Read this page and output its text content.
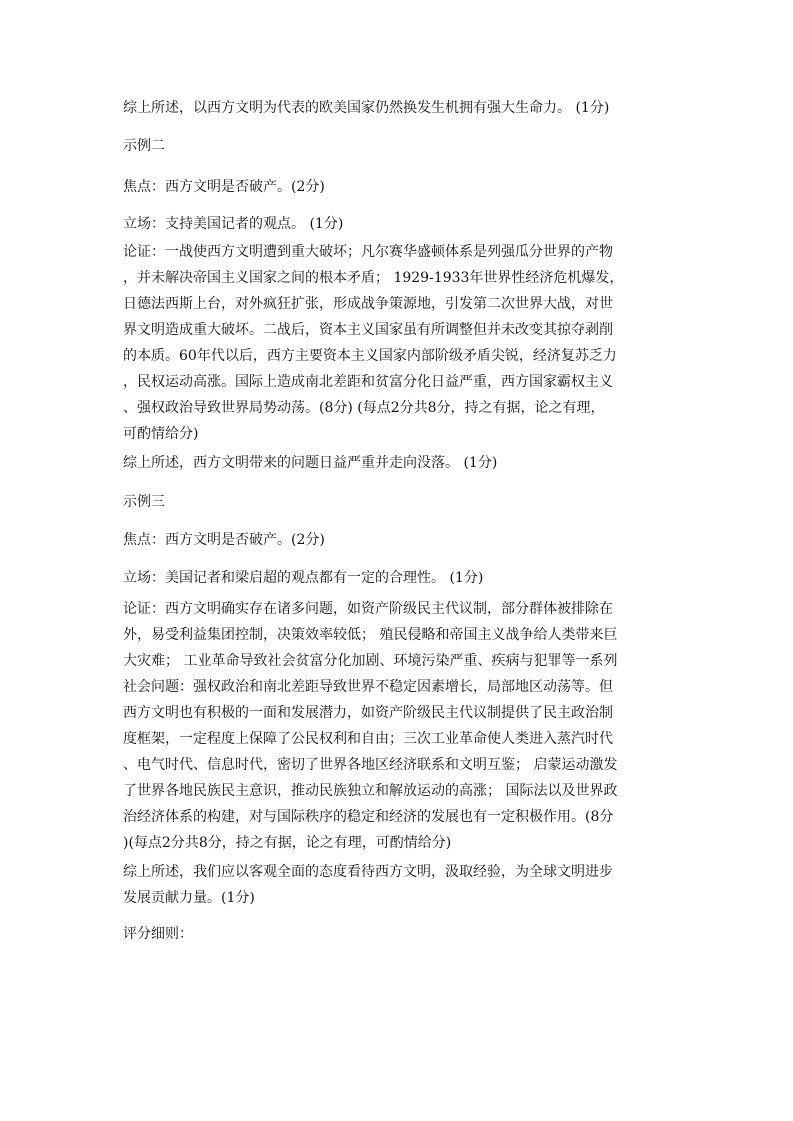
综上所述，以西方文明为代表的欧美国家仍然换发生机拥有强大生命力。 (1分)
示例二
焦点：西方文明是否破产。(2分)
立场：支持美国记者的观点。 (1分)
论证：一战使西方文明遭到重大破坏；凡尔赛华盛顿体系是列强瓜分世界的产物
，并未解决帝国主义国家之间的根本矛盾； 1929-1933年世界性经济危机爆发，
日德法西斯上台，对外疯狂扩张，形成战争策源地，引发第二次世界大战，对世
界文明造成重大破坏。二战后，资本主义国家虽有所调整但并未改变其掠夺剥削
的本质。60年代以后，西方主要资本主义国家内部阶级矛盾尖锐，经济复苏乏力
，民权运动高涨。国际上造成南北差距和贫富分化日益严重，西方国家霸权主义
、强权政治导致世界局势动荡。(8分) (每点2分共8分，持之有据，论之有理，
可酌情给分)
综上所述，西方文明带来的问题日益严重并走向没落。 (1分)
示例三
焦点：西方文明是否破产。(2分)
立场：美国记者和梁启超的观点都有一定的合理性。 (1分)
论证：西方文明确实存在诸多问题，如资产阶级民主代议制，部分群体被排除在
外，易受利益集团控制，决策效率较低； 殖民侵略和帝国主义战争给人类带来巨
大灾难； 工业革命导致社会贫富分化加剧、环境污染严重、疾病与犯罪等一系列
社会问题：强权政治和南北差距导致世界不稳定因素增长，局部地区动荡等。但
西方文明也有积极的一面和发展潜力，如资产阶级民主代议制提供了民主政治制
度框架，一定程度上保障了公民权利和自由；三次工业革命使人类进入蒸汽时代
、电气时代、信息时代，密切了世界各地区经济联系和文明互鉴； 启蒙运动激发
了世界各地民族民主意识，推动民族独立和解放运动的高涨； 国际法以及世界政
治经济体系的构建，对与国际秩序的稳定和经济的发展也有一定积极作用。(8分
)(每点2分共8分，持之有据，论之有理，可酌情给分)
综上所述，我们应以客观全面的态度看待西方文明，汲取经验，为全球文明进步
发展贡献力量。(1分)
评分细则：
